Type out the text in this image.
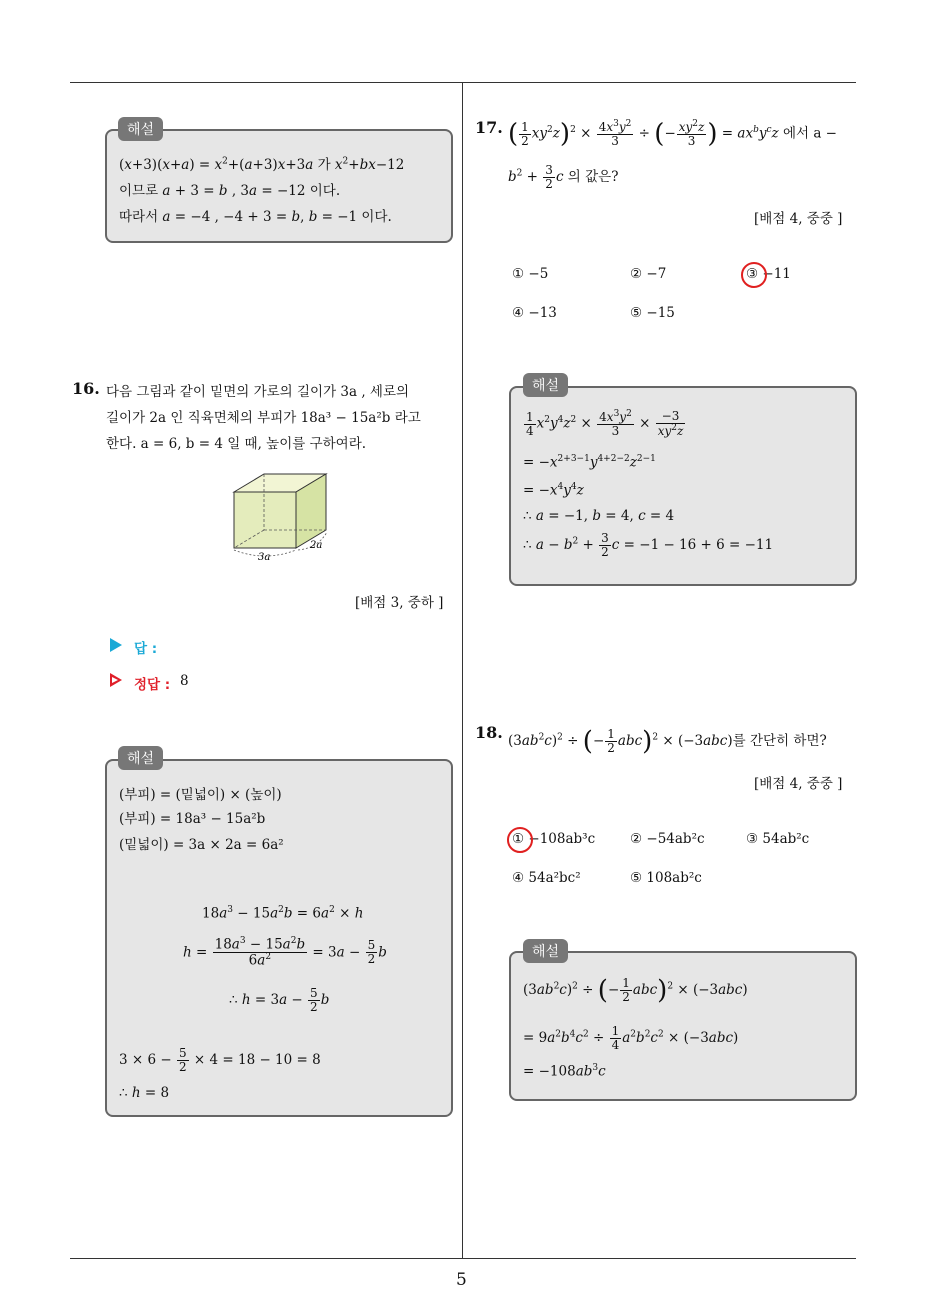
$(x+3)(x+a) = x^2+(a+3)x+3a$ 가 $x^2+bx-12$
이므로 a + 3 = b , 3a = −12 이다.
따라서 a = −4 , −4 + 3 = b, b = −1 이다.
해설
16. 다음 그림과 같이 밑면의 가로의 길이가 3a , 세로의
길이가 2a 인 직육면체의 부피가 18a³ − 15a²b 라고
한다. a = 6, b = 4 일 때, 높이를 구하여라.
3a
2a
[배점 3, 중하 ]
답 :
정답 : 8
(부피) = (밑넓이) × (높이)
(부피) = 18a³ − 15a²b
(밑넓이) = 3a × 2a = 6a²
$18a^3 - 15a^2b = 6a^2 \times h$
$h = \frac{18a^3 - 15a^2b}{6a^2} = 3a - \frac{5}{2}$ b
∴ $h = 3a - \frac{5}{2}$ b
$3 \times 6 - \frac{5}{2} \times 4 = 18 - 10 = 8$
∴ h = 8
해설
17. ( $\frac{1}{2} xy^2z)^2 \times \frac{4x^3y^2}{3}$ ÷ (− $\frac{xy^2z}{3}$ ) = $ax^by^cz$ 에서 a −
$b^2 + \frac{3}{2}$ c 의 값은?
[배점 4, 중중 ]
① −5	② −7	③ −11
④ −13	⑤ −15
$\frac{1}{4} x^2y^4z^2 \times \frac{4x^3y^2}{3} \times \frac{-3}{xy^2z}$
= $-x^{2+3-1}y^{4+2-2}z^{2-1}$
= $-x^4y^4z$
∴ a = −1, b = 4, c = 4
∴ $a - b^2 + \frac{3}{2}$ c = −1 − 16 + 6 = −11
해설
18. $(3ab^2c)^2$ ÷ (− $\frac{1}{2} abc)^2 \times (-3abc)$를 간단히 하면?
[배점 4, 중중 ]
① −108ab³c	② −54ab²c	③ 54ab²c
④ 54a²bc²	⑤ 108ab²c
$(3ab^2c)^2$ ÷ (− $\frac{1}{2} abc)^2 \times (-3abc)$
= $9a^2b^4c^2 \div \frac{1}{4} a^2b^2c^2 \times (-3abc)$
= $-108ab^3c$
해설
5
